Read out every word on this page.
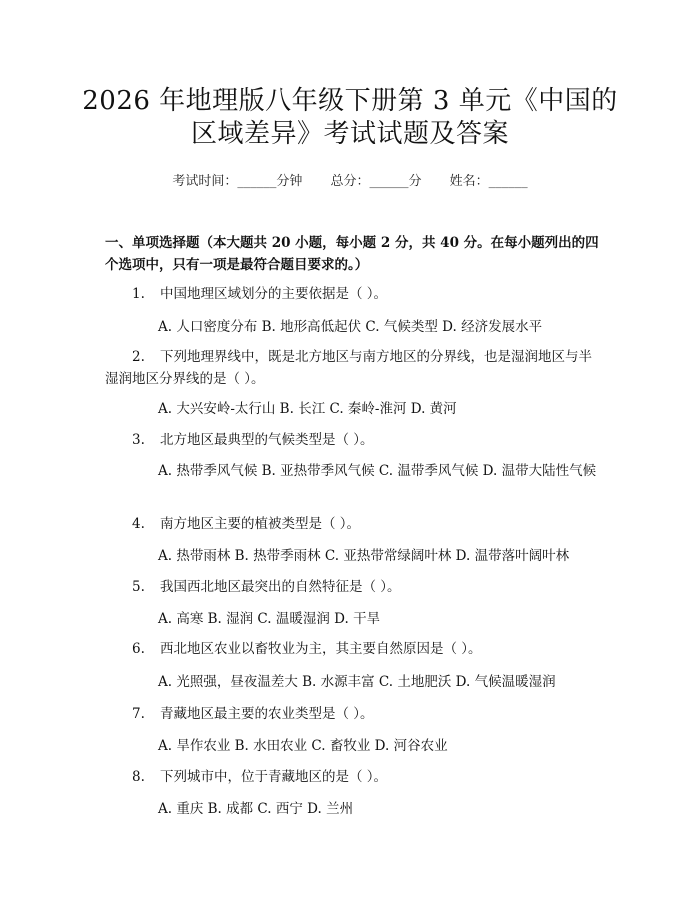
2026 年地理版八年级下册第 3 单元《中国的
区域差异》考试试题及答案
考试时间：______分钟 总分：______分 姓名：______
一、单项选择题（本大题共 20 小题，每小题 2 分，共 40 分。在每小题列出的四个选项中，只有一项是最符合题目要求的。）
1. 中国地理区域划分的主要依据是（ ）。
A. 人口密度分布 B. 地形高低起伏 C. 气候类型 D. 经济发展水平
2. 下列地理界线中，既是北方地区与南方地区的分界线，也是湿润地区与半湿润地区分界线的是（ ）。
A. 大兴安岭-太行山 B. 长江 C. 秦岭-淮河 D. 黄河
3. 北方地区最典型的气候类型是（ ）。
A. 热带季风气候 B. 亚热带季风气候 C. 温带季风气候 D. 温带大陆性气候
4. 南方地区主要的植被类型是（ ）。
A. 热带雨林 B. 热带季雨林 C. 亚热带常绿阔叶林 D. 温带落叶阔叶林
5. 我国西北地区最突出的自然特征是（ ）。
A. 高寒 B. 湿润 C. 温暖湿润 D. 干旱
6. 西北地区农业以畜牧业为主，其主要自然原因是（ ）。
A. 光照强，昼夜温差大 B. 水源丰富 C. 土地肥沃 D. 气候温暖湿润
7. 青藏地区最主要的农业类型是（ ）。
A. 旱作农业 B. 水田农业 C. 畜牧业 D. 河谷农业
8. 下列城市中，位于青藏地区的是（ ）。
A. 重庆 B. 成都 C. 西宁 D. 兰州
